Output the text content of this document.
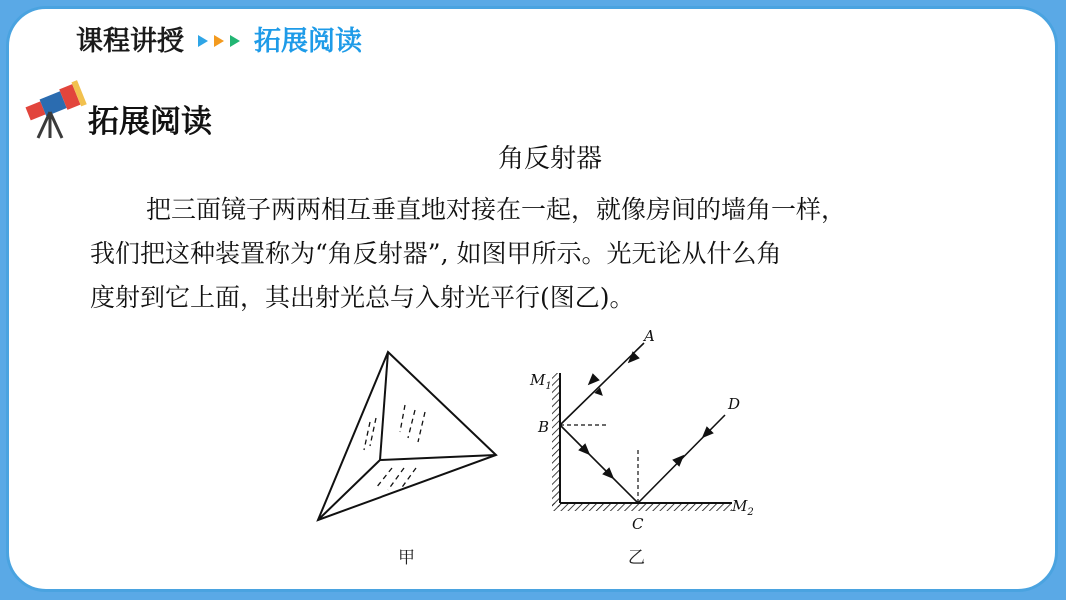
课程讲授	拓展阅读
拓展阅读
角反射器

把三面镜子两两相互垂直地对接在一起，就像房间的墙角一样，

我们把这种装置称为“角反射器”, 如图甲所示。光无论从什么角

度射到它上面，其出射光总与入射光平行(图乙)。

甲
A
D
B
C
$M_1$
$M_2$
乙
